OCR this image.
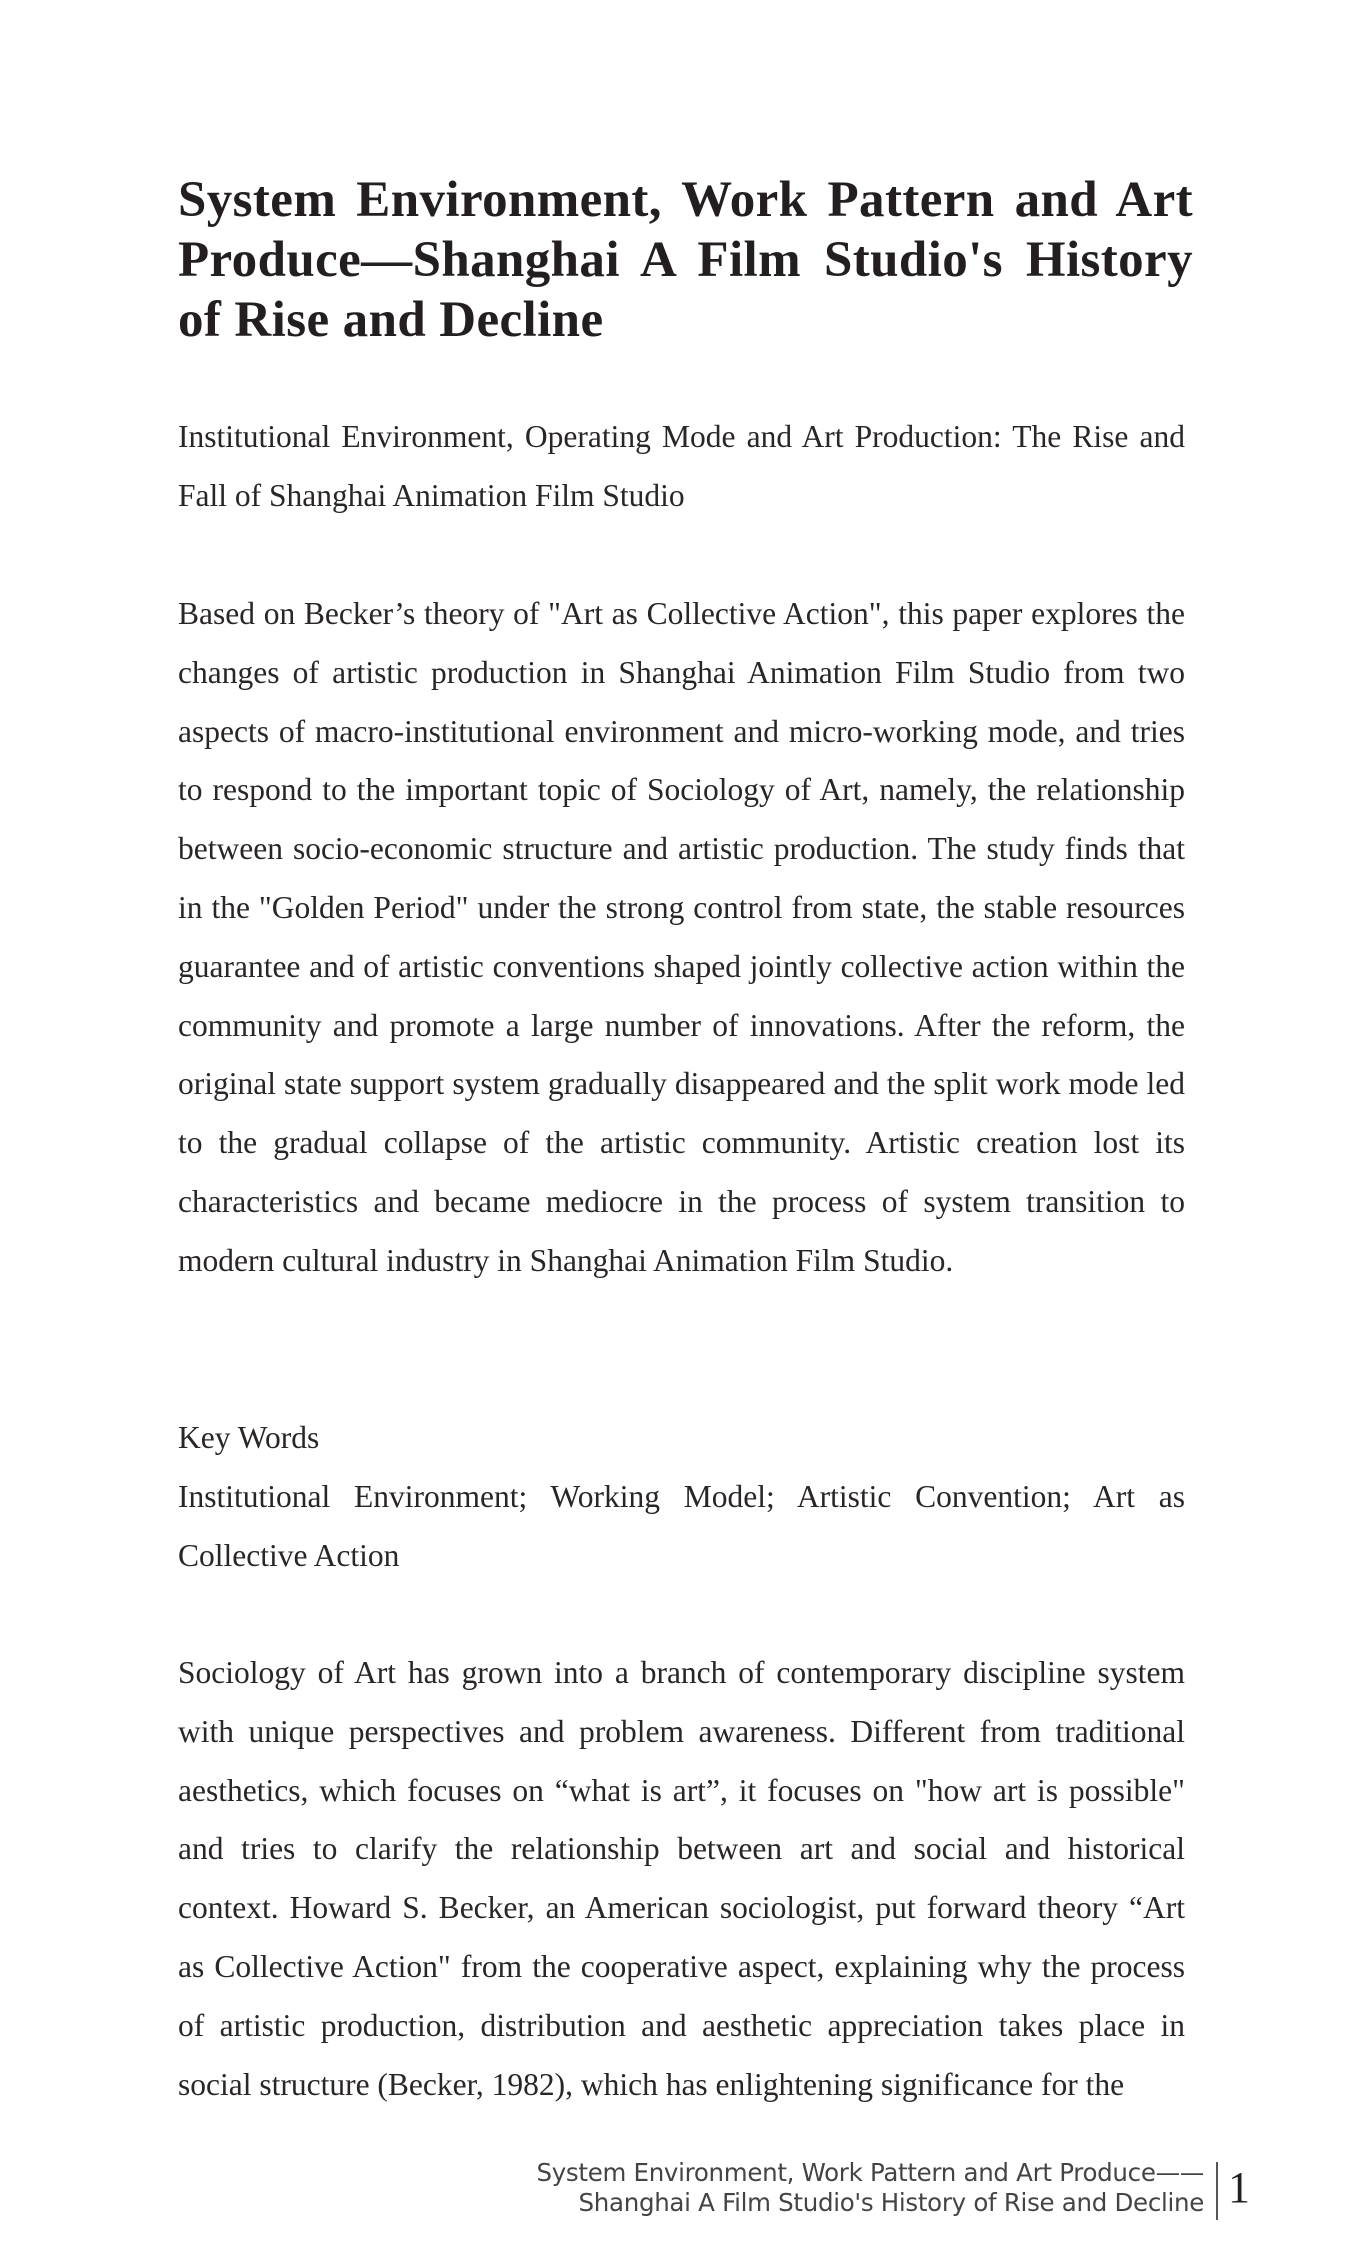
System Environment, Work Pattern and Art Produce—Shanghai A Film Studio's History of Rise and Decline

Institutional Environment, Operating Mode and Art Production: The Rise and Fall of Shanghai Animation Film Studio

Based on Becker’s theory of "Art as Collective Action", this paper explores the changes of artistic production in Shanghai Animation Film Studio from two aspects of macro-institutional environment and micro-working mode, and tries to respond to the important topic of Sociology of Art, namely, the relationship between socio-economic structure and artistic production. The study finds that in the "Golden Period" under the strong control from state, the stable resources guarantee and of artistic conventions shaped jointly collective action within the community and promote a large number of innovations. After the reform, the original state support system gradually disappeared and the split work mode led to the gradual collapse of the artistic community. Artistic creation lost its characteristics and became mediocre in the process of system transition to modern cultural industry in Shanghai Animation Film Studio.

Key Words

Institutional Environment; Working Model; Artistic Convention; Art as Collective Action

Sociology of Art has grown into a branch of contemporary discipline system with unique perspectives and problem awareness. Different from traditional aesthetics, which focuses on “what is art”, it focuses on "how art is possible" and tries to clarify the relationship between art and social and historical context. Howard S. Becker, an American sociologist, put forward theory “Art as Collective Action" from the cooperative aspect, explaining why the process of artistic production, distribution and aesthetic appreciation takes place in social structure (Becker, 1982), which has enlightening significance for the

System Environment, Work Pattern and Art Produce——
Shanghai A Film Studio's History of Rise and Decline 1
